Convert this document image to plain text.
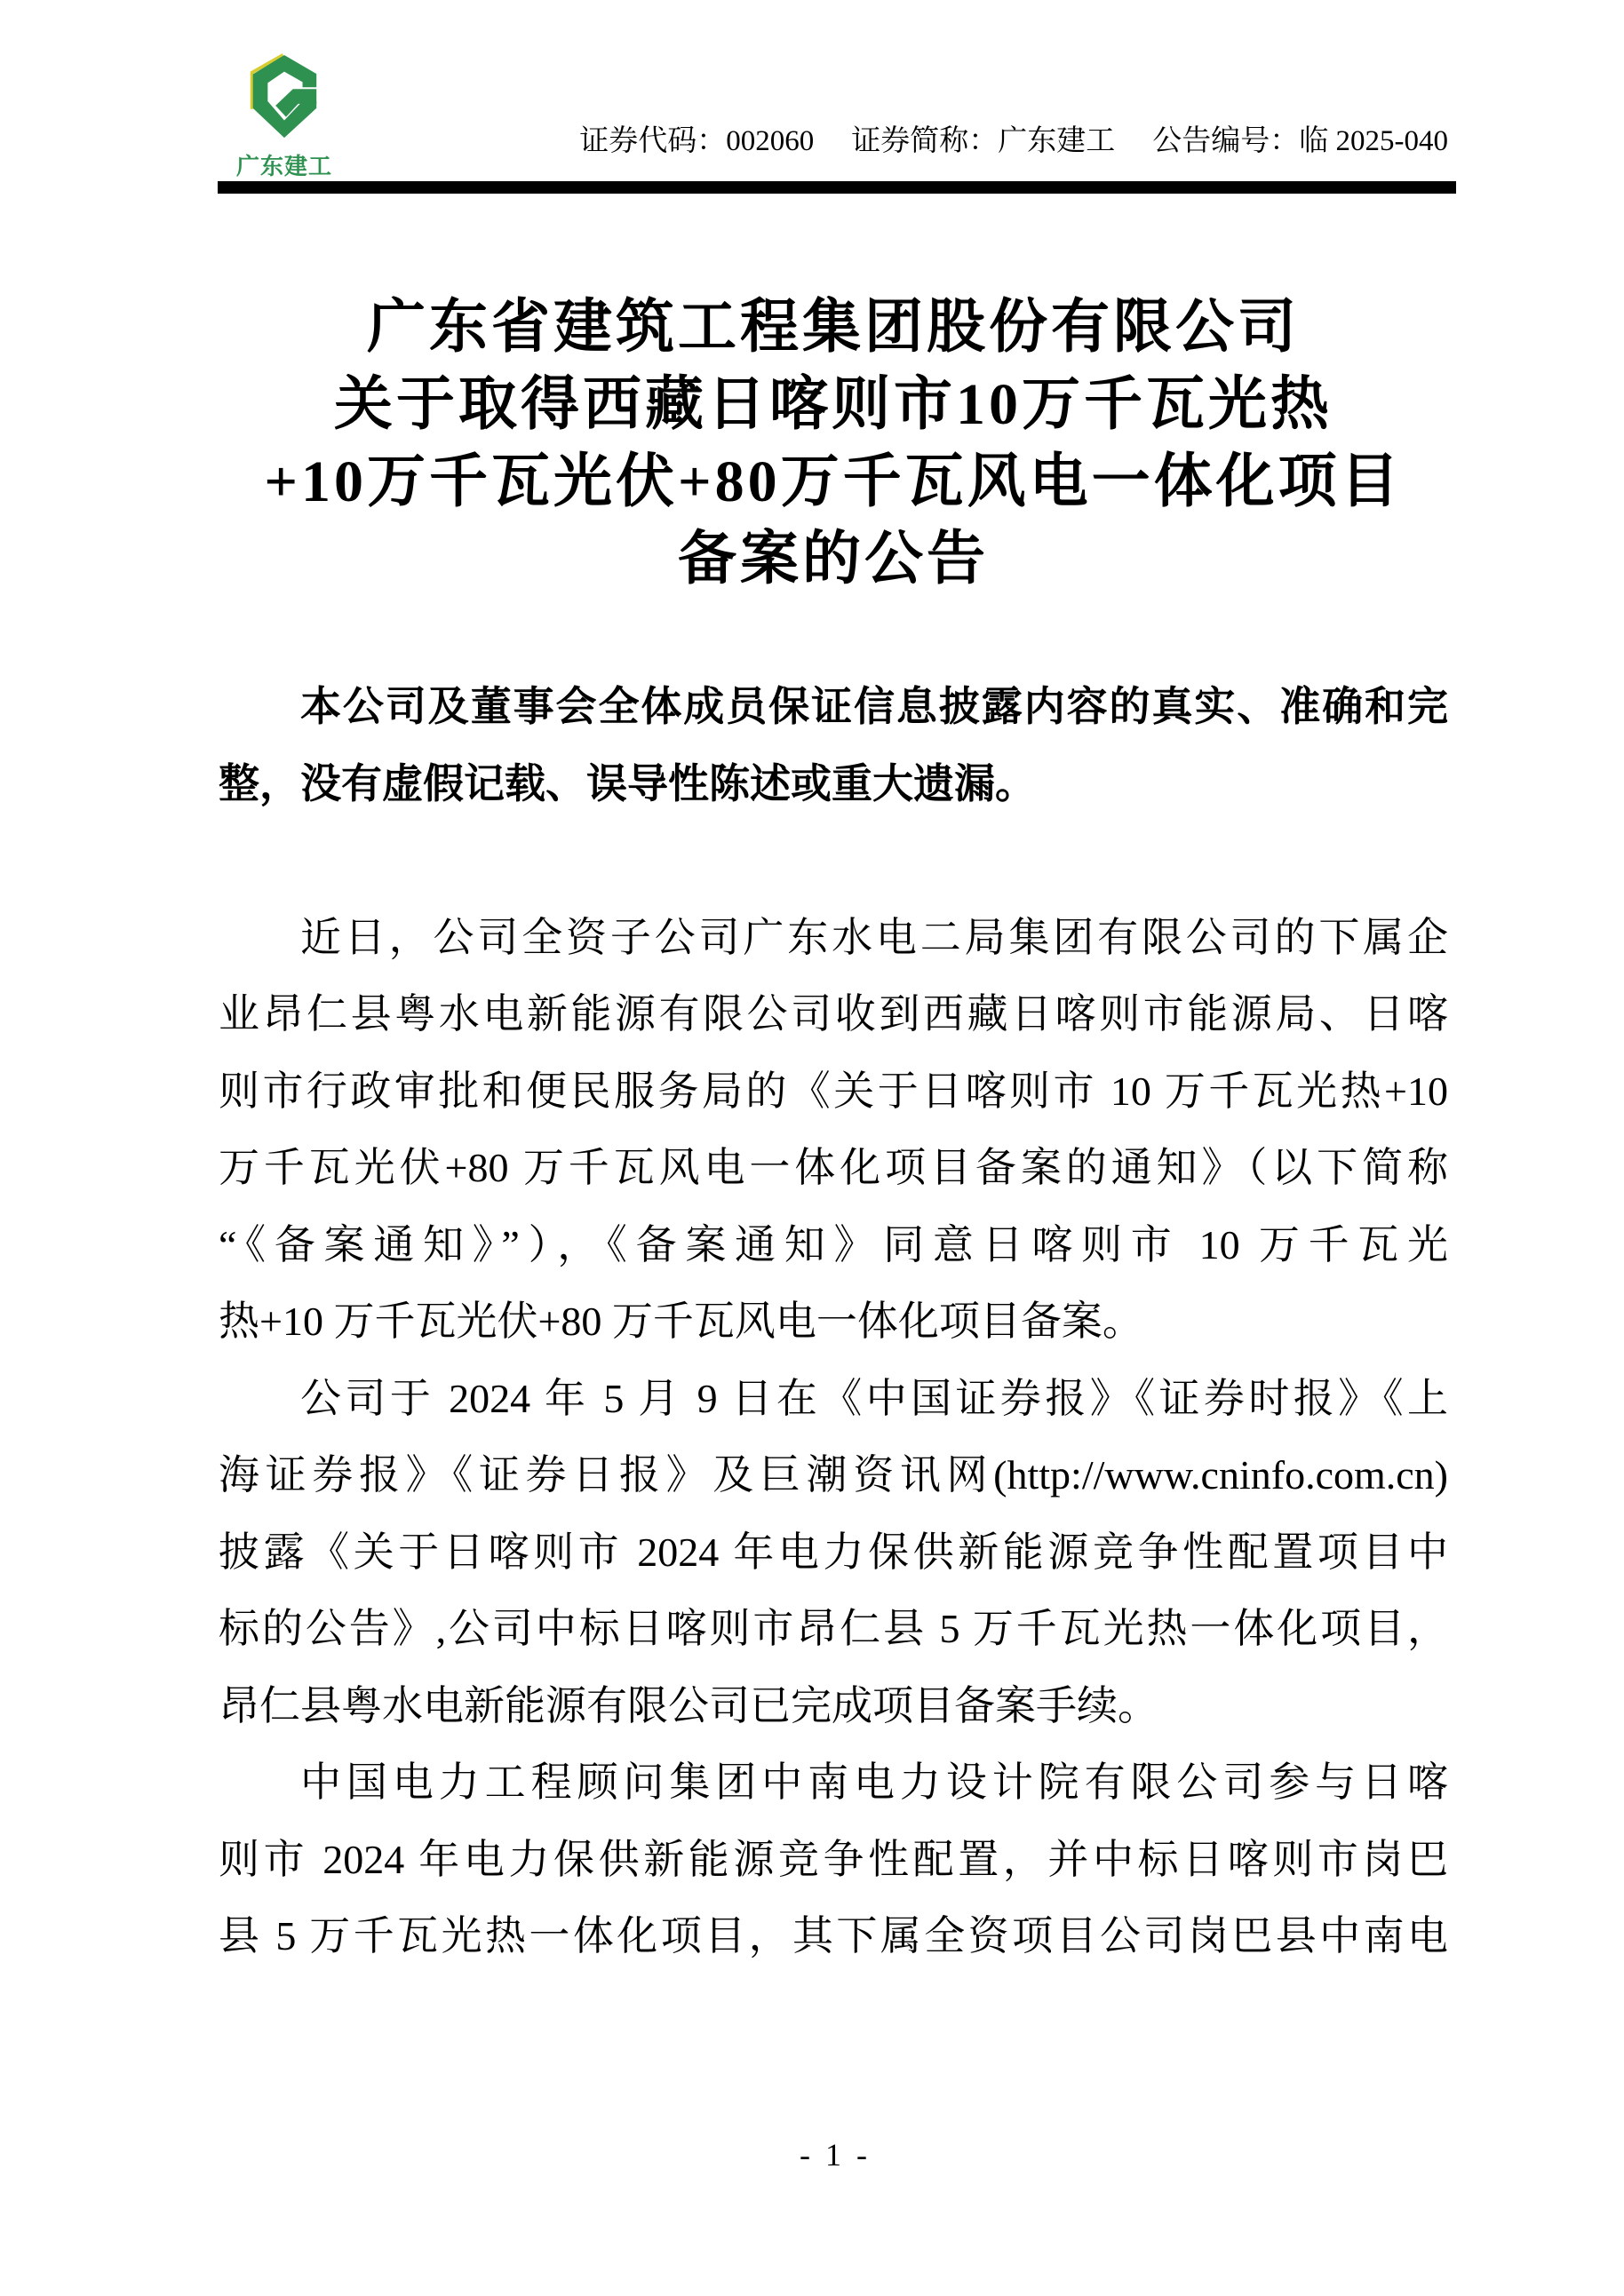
广东建工
证券代码：002060 证券简称：广东建工 公告编号：临 2025-040
广东省建筑工程集团股份有限公司
关于取得西藏日喀则市10万千瓦光热
+10万千瓦光伏+80万千瓦风电一体化项目
备案的公告
本公司及董事会全体成员保证信息披露内容的真实、准确和完
整，没有虚假记载、误导性陈述或重大遗漏。
近日，公司全资子公司广东水电二局集团有限公司的下属企
业昂仁县粤水电新能源有限公司收到西藏日喀则市能源局、日喀
则市行政审批和便民服务局的《关于日喀则市 10 万千瓦光热+10
万千瓦光伏+80 万千瓦风电一体化项目备案的通知》（以下简称
“《备案通知》”），《备案通知》同意日喀则市 10 万千瓦光
热+10 万千瓦光伏+80 万千瓦风电一体化项目备案。
公司于 2024 年 5 月 9 日在《中国证券报》《证券时报》《上
海证券报》《证券日报》及巨潮资讯网(http://www.cninfo.com.cn)
披露《关于日喀则市 2024 年电力保供新能源竞争性配置项目中
标的公告》,公司中标日喀则市昂仁县 5 万千瓦光热一体化项目，
昂仁县粤水电新能源有限公司已完成项目备案手续。
中国电力工程顾问集团中南电力设计院有限公司参与日喀
则市 2024 年电力保供新能源竞争性配置，并中标日喀则市岗巴
县 5 万千瓦光热一体化项目，其下属全资项目公司岗巴县中南电
- 1 -
